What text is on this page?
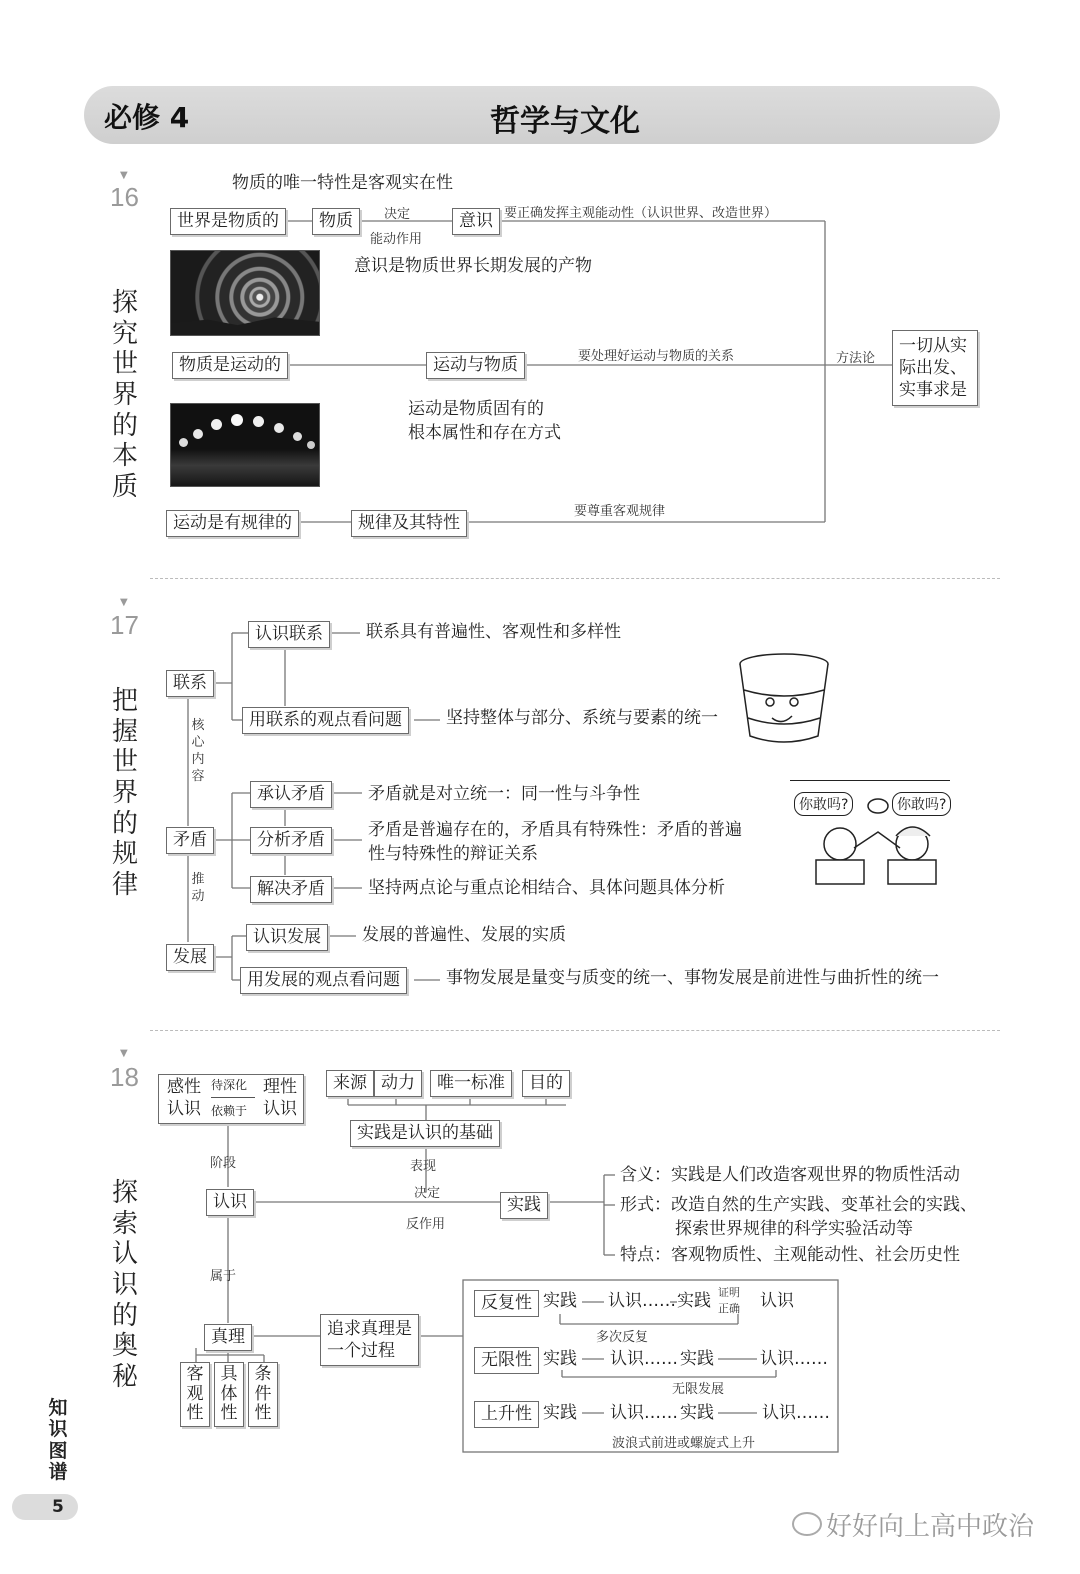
必修 4	哲学与文化
▼
16
探究世界的本质
物质的唯一特性是客观实在性
世界是物质的	物质	决定
能动作用
意识 要正确发挥主观能动性（认识世界、改造世界）
意识是物质世界长期发展的产物
物质是运动的	运动与物质	要处理好运动与物质的关系	方法论
一切从实际出发、实事求是
运动是物质固有的
根本属性和存在方式
运动是有规律的	规律及其特性
要尊重客观规律
▼
17
把握世界的规律
联系
认识联系	联系具有普遍性、客观性和多样性
用联系的观点看问题	坚持整体与部分、系统与要素的统一
核心内容
矛盾
承认矛盾	矛盾就是对立统一：同一性与斗争性
分析矛盾	矛盾是普遍存在的，矛盾具有特殊性：矛盾的普遍
性与特殊性的辩证关系
解决矛盾	坚持两点论与重点论相结合、具体问题具体分析
推动
你敢吗?	你敢吗?
发展
认识发展	发展的普遍性、发展的实质
用发展的观点看问题	事物发展是量变与质变的统一、事物发展是前进性与曲折性的统一
▼
18
探索认识的奥秘
感性
认识
待深化
依赖于
理性
认识
来源 动力	唯一标准	目的
实践是认识的基础
阶段	表现
决定
反作用
认识	实践
含义：实践是人们改造客观世界的物质性活动
形式：改造自然的生产实践、变革社会的实践、
探索世界规律的科学实验活动等
特点：客观物质性、主观能动性、社会历史性
属于
真理
客观性
具体性
条件性
追求真理是
一个过程
反复性 实践 认识…… 实践 证明
正确 认识
多次反复
无限性 实践 认识…… 实践	认识……
无限发展
上升性 实践 认识…… 实践	认识……
波浪式前进或螺旋式上升
知识图谱
5
好好向上高中政治
